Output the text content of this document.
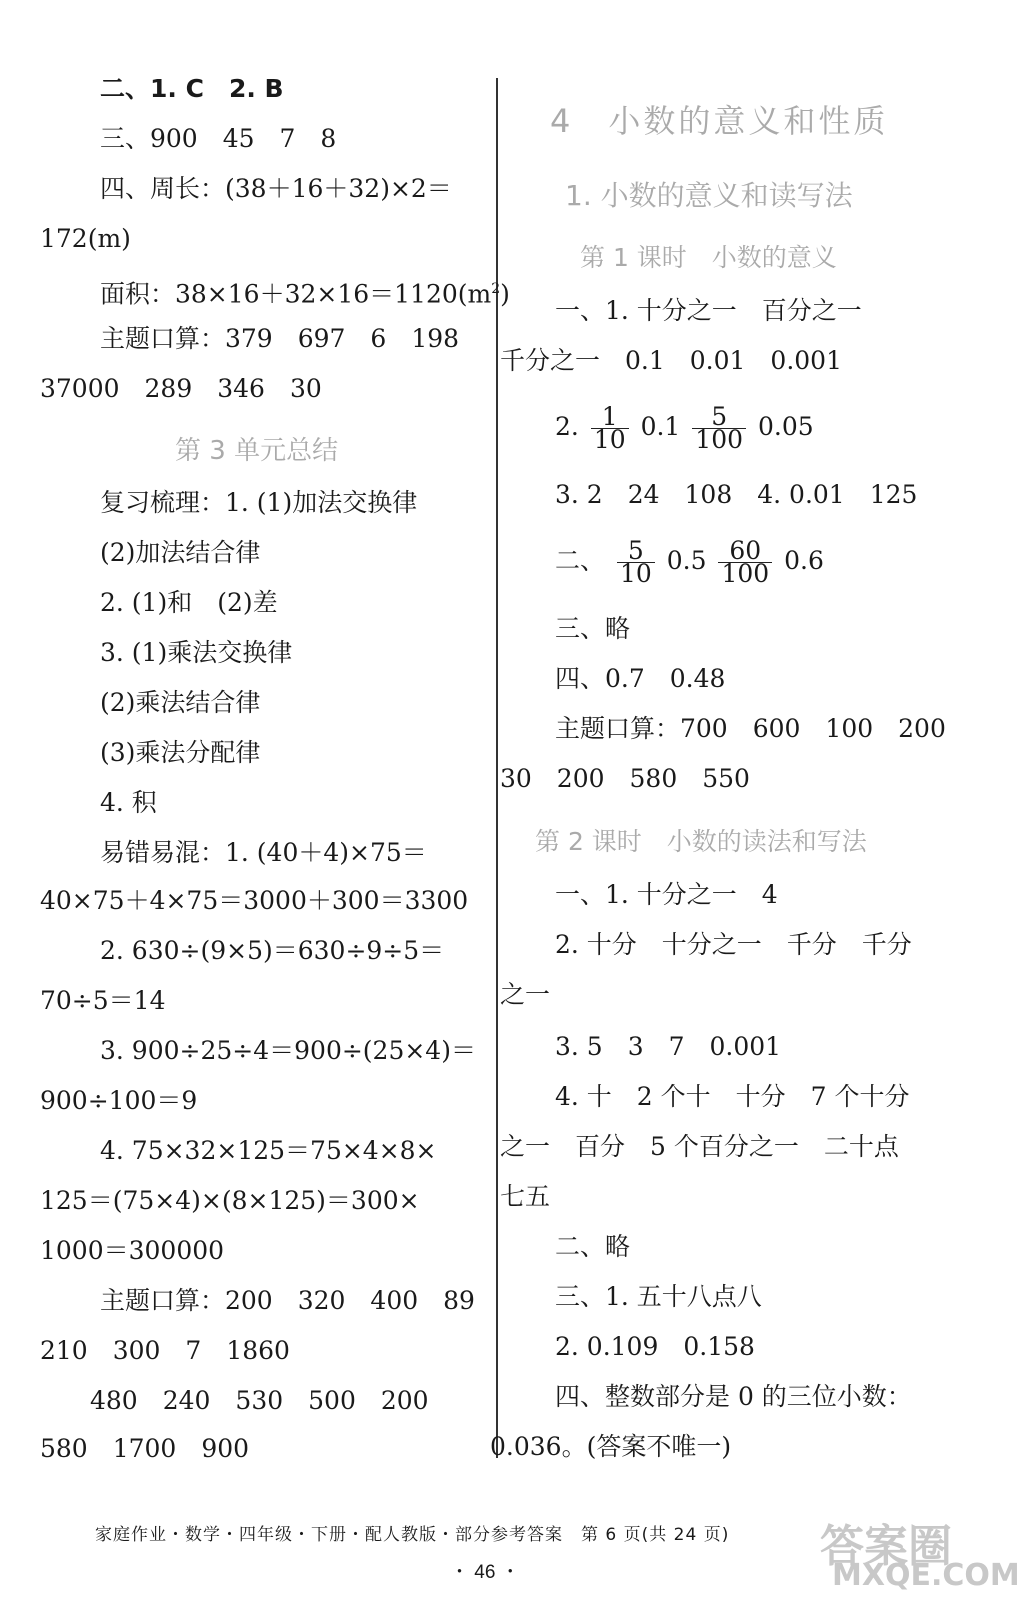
二、1. C　2. B
三、900　45　7　8
四、周长：(38＋16＋32)×2＝
172(m)
面积：$38\times 16+32\times 16=1120(m^2)$
主题口算：379　697　6　198
37000　289　346　30
第 3 单元总结
复习梳理：1. (1)加法交换律
(2)加法结合律
2. (1)和　(2)差
3. (1)乘法交换律
(2)乘法结合律
(3)乘法分配律
4. 积
易错易混：1. (40＋4)×75＝
40×75＋4×75＝3000＋300＝3300
2. 630÷(9×5)＝630÷9÷5＝
70÷5＝14
3. 900÷25÷4＝900÷(25×4)＝
900÷100＝9
4. 75×32×125＝75×4×8×
125＝(75×4)×(8×125)＝300×
1000＝300000
主题口算：200　320　400　89
210　300　7　1860
480　240　530　500　200
580　1700　900
4　小数的意义和性质
1. 小数的意义和读写法
第 1 课时　小数的意义
一、1. 十分之一　百分之一
千分之一　0.1　0.01　0.001
2. $\frac{1}{10} 0.1 \frac{5}{100} 0.05$
3. 2　24　108　4. 0.01　125
二、 $\frac{5}{10} 0.5 \frac{60}{100} 0.6$
三、略
四、0.7　0.48
主题口算：700　600　100　200
30　200　580　550
第 2 课时　小数的读法和写法
一、1. 十分之一　4
2. 十分　十分之一　千分　千分
之一
3. 5　3　7　0.001
4. 十　2 个十　十分　7 个十分
之一　百分　5 个百分之一　二十点
七五
二、略
三、1. 五十八点八
2. 0.109　0.158
四、整数部分是 0 的三位小数：
0.036。(答案不唯一)
家庭作业・数学・四年级・下册・配人教版・部分参考答案　第 6 页(共 24 页)
・ 46 ・
答案圈
MXQE.COM
